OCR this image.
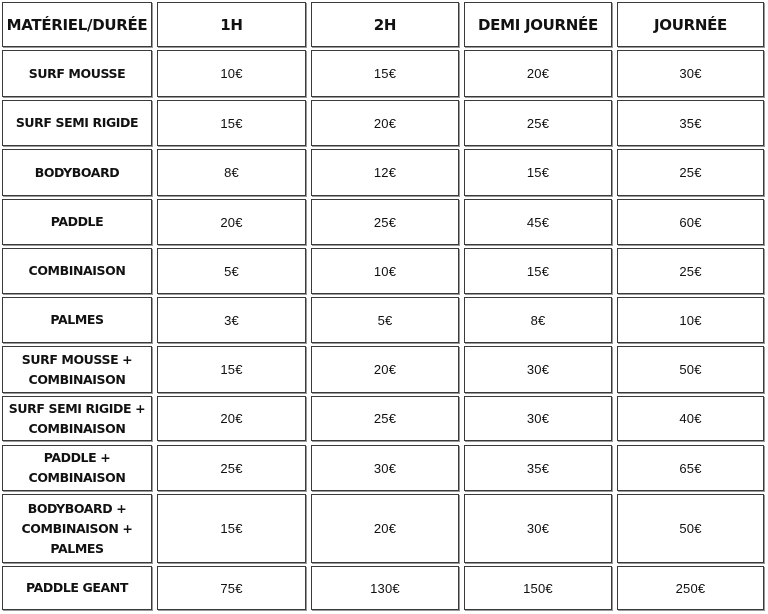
MATÉRIEL/DURÉE	1H	2H	DEMI JOURNÉE	JOURNÉE
SURF MOUSSE	10€	15€	20€	30€
SURF SEMI RIGIDE	15€	20€	25€	35€
BODYBOARD	8€	12€	15€	25€
PADDLE	20€	25€	45€	60€
COMBINAISON	5€	10€	15€	25€
PALMES	3€	5€	8€	10€
SURF MOUSSE +
COMBINAISON
15€	20€	30€	50€
SURF SEMI RIGIDE +
COMBINAISON
20€	25€	30€	40€
PADDLE +
COMBINAISON
25€	30€	35€	65€
BODYBOARD +
COMBINAISON +
PALMES
15€	20€	30€	50€
PADDLE GEANT	75€	130€	150€	250€
